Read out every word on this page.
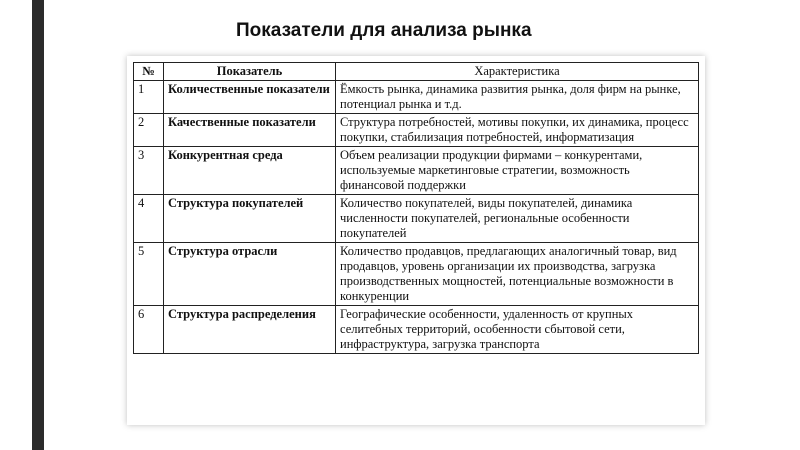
Показатели для анализа рынка
№	Показатель	Характеристика
1	Количественные показатели	Ёмкость рынка, динамика развития рынка, доля фирм на рынке, потенциал рынка и т.д.
2	Качественные показатели	Структура потребностей, мотивы покупки, их динамика, процесс покупки, стабилизация потребностей, информатизация
3	Конкурентная среда	Объем реализации продукции фирмами – конкурентами, используемые маркетинговые стратегии, возможность финансовой поддержки
4	Структура покупателей	Количество покупателей, виды покупателей, динамика численности покупателей, региональные особенности покупателей
5	Структура отрасли	Количество продавцов, предлагающих аналогичный товар, вид продавцов, уровень организации их производства, загрузка производственных мощностей, потенциальные возможности в конкуренции
6	Структура распределения	Географические особенности, удаленность от крупных селитебных территорий, особенности сбытовой сети, инфраструктура, загрузка транспорта
